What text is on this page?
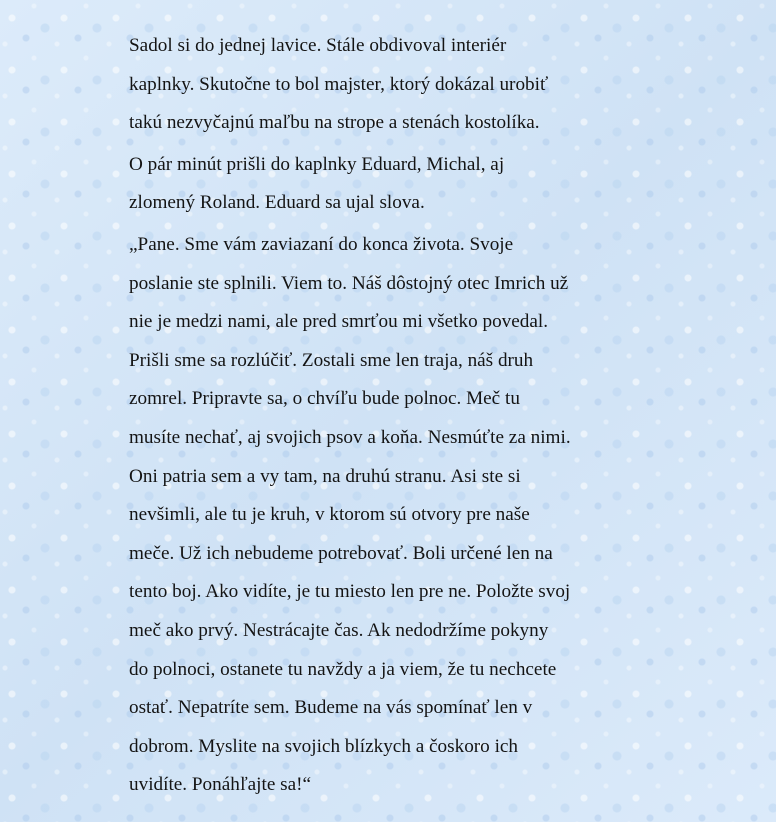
Sadol si do jednej lavice. Stále obdivoval interiér
kaplnky. Skutočne to bol majster, ktorý dokázal urobiť
takú nezvyčajnú maľbu na strope a stenách kostolíka.

O pár minút prišli do kaplnky Eduard, Michal, aj
zlomený Roland. Eduard sa ujal slova.

„Pane. Sme vám zaviazaní do konca života. Svoje
poslanie ste splnili. Viem to. Náš dôstojný otec Imrich už
nie je medzi nami, ale pred smrťou mi všetko povedal.
Prišli sme sa rozlúčiť. Zostali sme len traja, náš druh
zomrel. Pripravte sa, o chvíľu bude polnoc. Meč tu
musíte nechať, aj svojich psov a koňa. Nesmúťte za nimi.
Oni patria sem a vy tam, na druhú stranu. Asi ste si
nevšimli, ale tu je kruh, v ktorom sú otvory pre naše
meče. Už ich nebudeme potrebovať. Boli určené len na
tento boj. Ako vidíte, je tu miesto len pre ne. Položte svoj
meč ako prvý. Nestrácajte čas. Ak nedodržíme pokyny
do polnoci, ostanete tu navždy a ja viem, že tu nechcete
ostať. Nepatríte sem. Budeme na vás spomínať len v
dobrom. Myslite na svojich blízkych a čoskoro ich
uvidíte. Ponáhľajte sa!“
